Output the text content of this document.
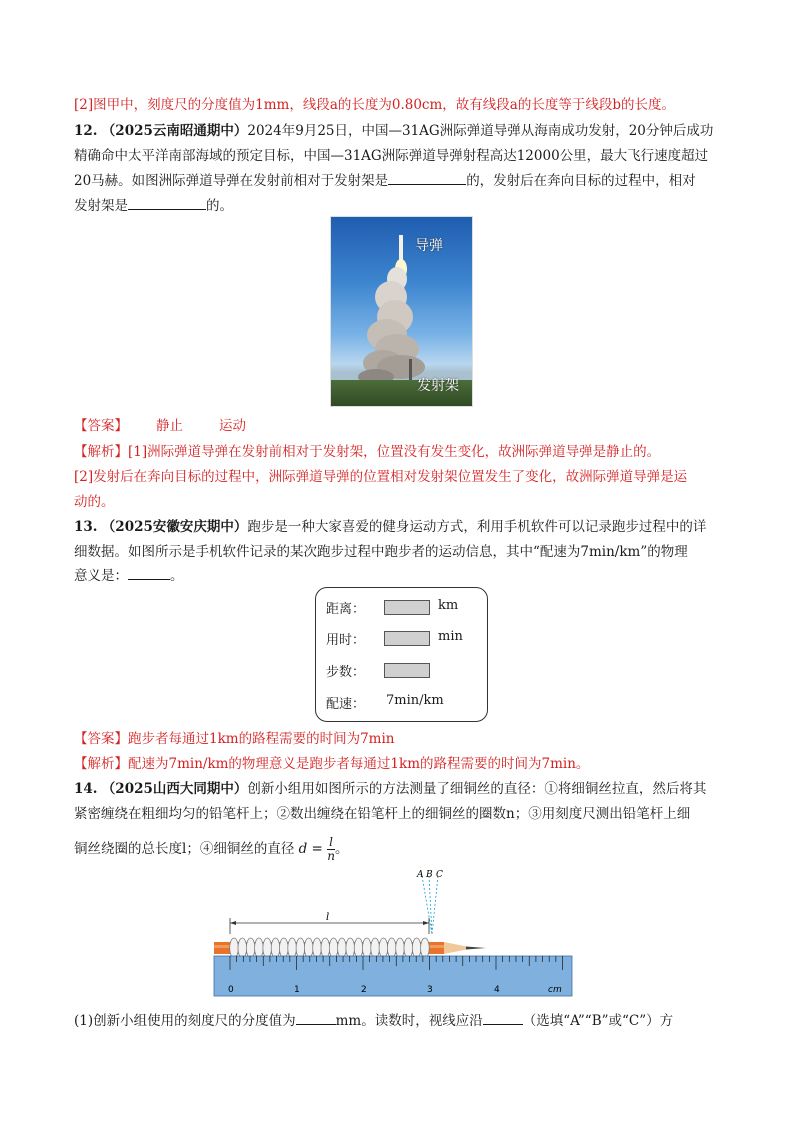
[2]图甲中，刻度尺的分度值为1mm，线段a的长度为0.80cm，故有线段a的长度等于线段b的长度。
12. （2025云南昭通期中）2024年9月25日，中国—31AG洲际弹道导弹从海南成功发射，20分钟后成功
精确命中太平洋南部海域的预定目标，中国—31AG洲际弹道导弹射程高达12000公里，最大飞行速度超过
20马赫。如图洲际弹道导弹在发射前相对于发射架是	的，发射后在奔向目标的过程中，相对
发射架是	的。
导弹
发射架
【答案】 静止	运动
【解析】[1]洲际弹道导弹在发射前相对于发射架，位置没有发生变化，故洲际弹道导弹是静止的。
[2]发射后在奔向目标的过程中，洲际弹道导弹的位置相对发射架位置发生了变化，故洲际弹道导弹是运
动的。
13. （2025安徽安庆期中）跑步是一种大家喜爱的健身运动方式，利用手机软件可以记录跑步过程中的详
细数据。如图所示是手机软件记录的某次跑步过程中跑步者的运动信息，其中“配速为7min/km”的物理
意义是：	。
距离：	km
用时：	min
步数：
配速： 7min/km
【答案】跑步者每通过1km的路程需要的时间为7min
【解析】配速为7min/km的物理意义是跑步者每通过1km的路程需要的时间为7min。
14. （2025山西大同期中）创新小组用如图所示的方法测量了细铜丝的直径：①将细铜丝拉直，然后将其
紧密缠绕在粗细均匀的铅笔杆上；②数出缠绕在铅笔杆上的细铜丝的圈数n；③用刻度尺测出铅笔杆上细
铜丝绕圈的总长度l；④细铜丝的直径 $d = \frac{l}{n}$ 。
A B C
l
0	1	2	3	4	cm
(1)创新小组使用的刻度尺的分度值为	mm。读数时，视线应沿	（选填“A”“B”或“C”）方
